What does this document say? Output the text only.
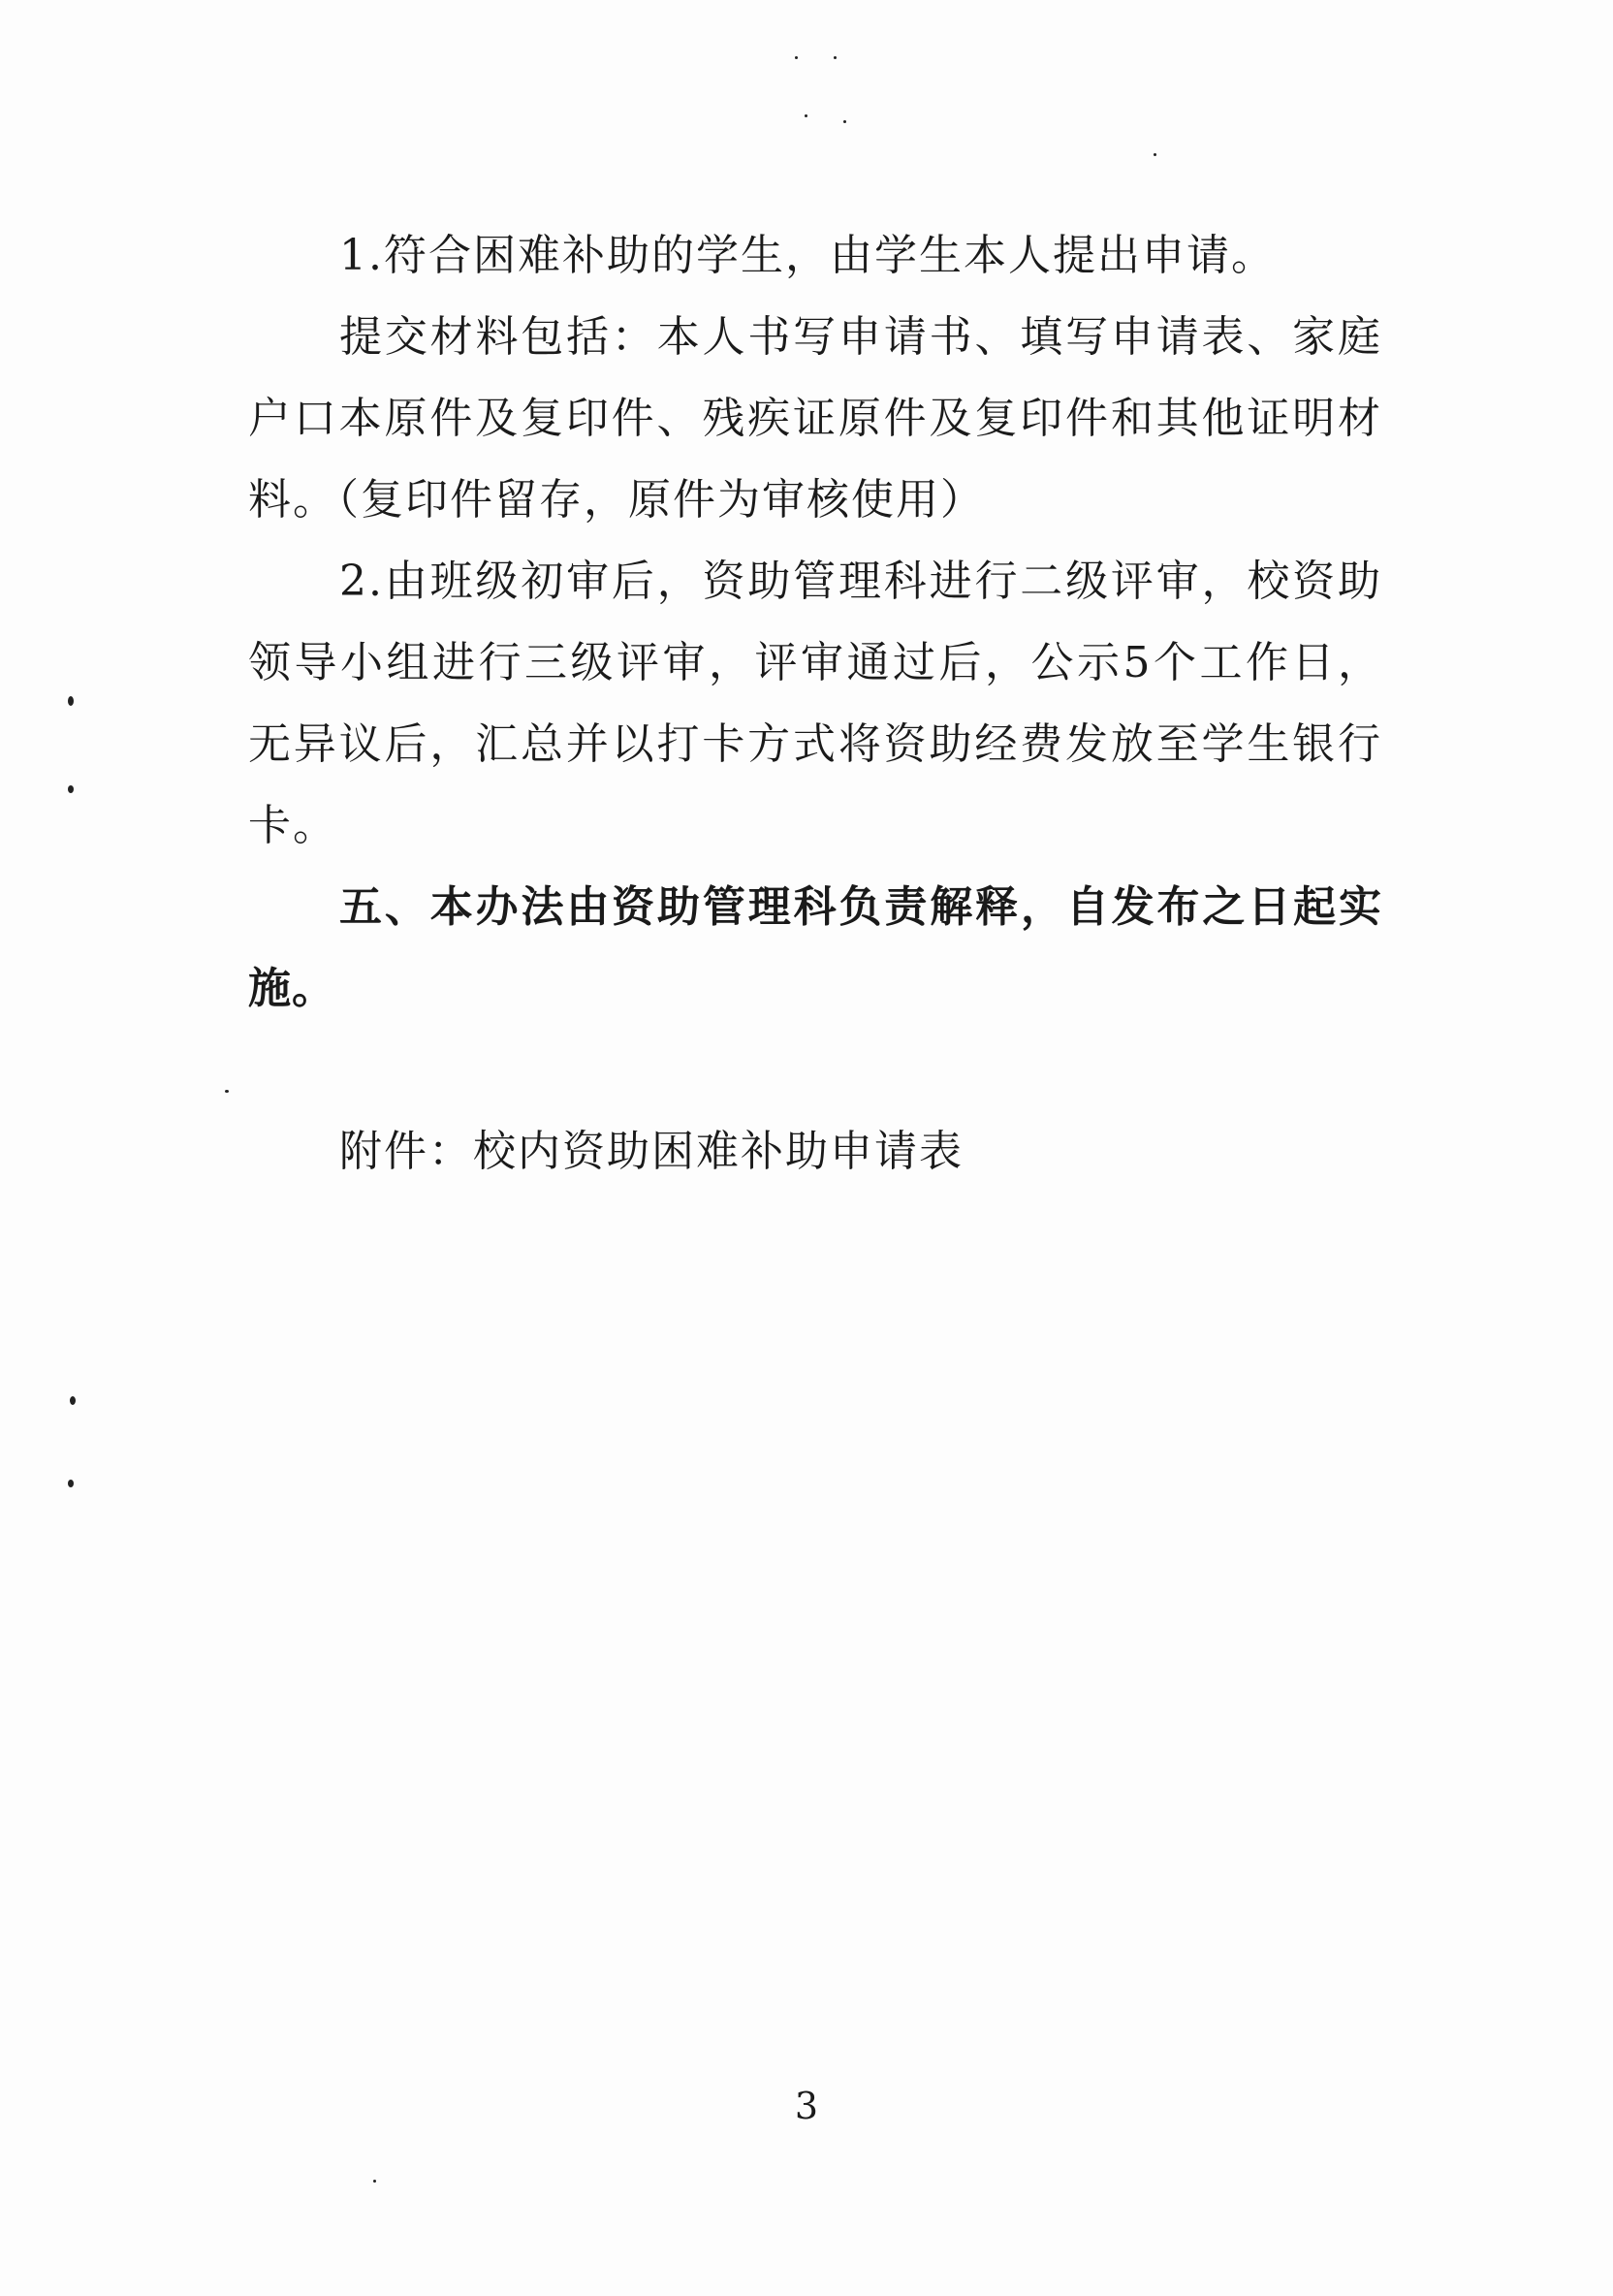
1.符合困难补助的学生，由学生本人提出申请。

提交材料包括：本人书写申请书、填写申请表、家庭户口本原件及复印件、残疾证原件及复印件和其他证明材料。（复印件留存，原件为审核使用）

2.由班级初审后，资助管理科进行二级评审，校资助领导小组进行三级评审，评审通过后，公示5个工作日，无异议后，汇总并以打卡方式将资助经费发放至学生银行卡。

五、本办法由资助管理科负责解释，自发布之日起实施。

附件：校内资助困难补助申请表
3
